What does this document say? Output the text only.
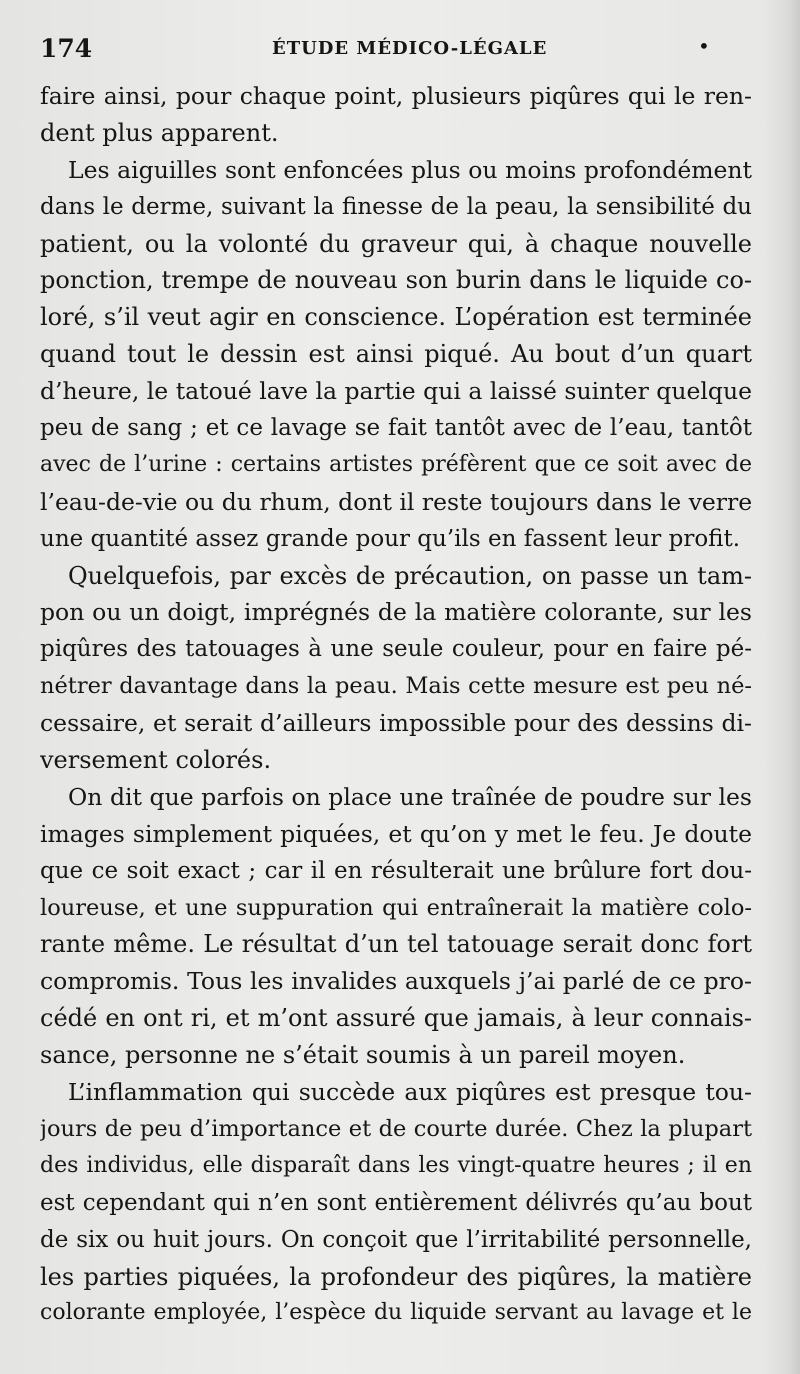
174	ÉTUDE MÉDICO-LÉGALE	•
faire ainsi, pour chaque point, plusieurs piqûres qui le ren-
dent plus apparent.
Les aiguilles sont enfoncées plus ou moins profondément
dans le derme, suivant la finesse de la peau, la sensibilité du
patient, ou la volonté du graveur qui, à chaque nouvelle
ponction, trempe de nouveau son burin dans le liquide co-
loré, s’il veut agir en conscience. L’opération est terminée
quand tout le dessin est ainsi piqué. Au bout d’un quart
d’heure, le tatoué lave la partie qui a laissé suinter quelque
peu de sang ; et ce lavage se fait tantôt avec de l’eau, tantôt
avec de l’urine : certains artistes préfèrent que ce soit avec de
l’eau-de-vie ou du rhum, dont il reste toujours dans le verre
une quantité assez grande pour qu’ils en fassent leur profit.
Quelquefois, par excès de précaution, on passe un tam-
pon ou un doigt, imprégnés de la matière colorante, sur les
piqûres des tatouages à une seule couleur, pour en faire pé-
nétrer davantage dans la peau. Mais cette mesure est peu né-
cessaire, et serait d’ailleurs impossible pour des dessins di-
versement colorés.
On dit que parfois on place une traînée de poudre sur les
images simplement piquées, et qu’on y met le feu. Je doute
que ce soit exact ; car il en résulterait une brûlure fort dou-
loureuse, et une suppuration qui entraînerait la matière colo-
rante même. Le résultat d’un tel tatouage serait donc fort
compromis. Tous les invalides auxquels j’ai parlé de ce pro-
cédé en ont ri, et m’ont assuré que jamais, à leur connais-
sance, personne ne s’était soumis à un pareil moyen.
L’inflammation qui succède aux piqûres est presque tou-
jours de peu d’importance et de courte durée. Chez la plupart
des individus, elle disparaît dans les vingt-quatre heures ; il en
est cependant qui n’en sont entièrement délivrés qu’au bout
de six ou huit jours. On conçoit que l’irritabilité personnelle,
les parties piquées, la profondeur des piqûres, la matière
colorante employée, l’espèce du liquide servant au lavage et le
